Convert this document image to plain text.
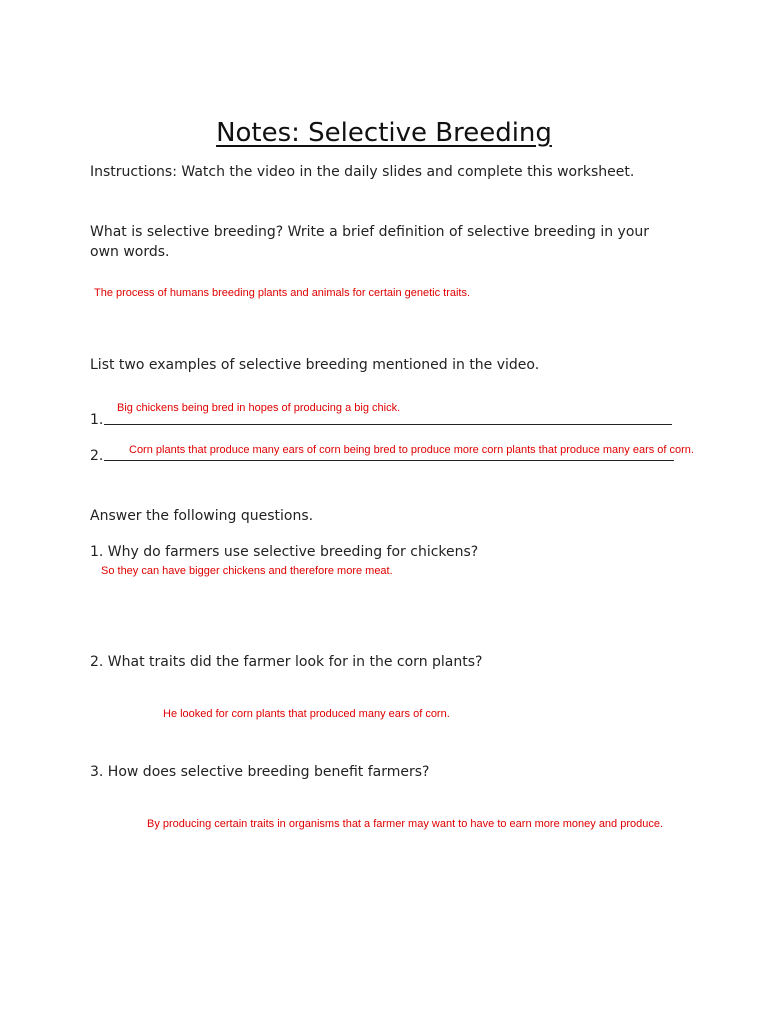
Notes: Selective Breeding
Instructions: Watch the video in the daily slides and complete this worksheet.
What is selective breeding? Write a brief definition of selective breeding in your own words.
The process of humans breeding plants and animals for certain genetic traits.
List two examples of selective breeding mentioned in the video.
1.
Big chickens being bred in hopes of producing a big chick.
2. Corn plants that produce many ears of corn being bred to produce more corn plants that produce many ears of corn.
Answer the following questions.
1. Why do farmers use selective breeding for chickens?
So they can have bigger chickens and therefore more meat.
2. What traits did the farmer look for in the corn plants?
He looked for corn plants that produced many ears of corn.
3. How does selective breeding benefit farmers?
By producing certain traits in organisms that a farmer may want to have to earn more money and produce.
